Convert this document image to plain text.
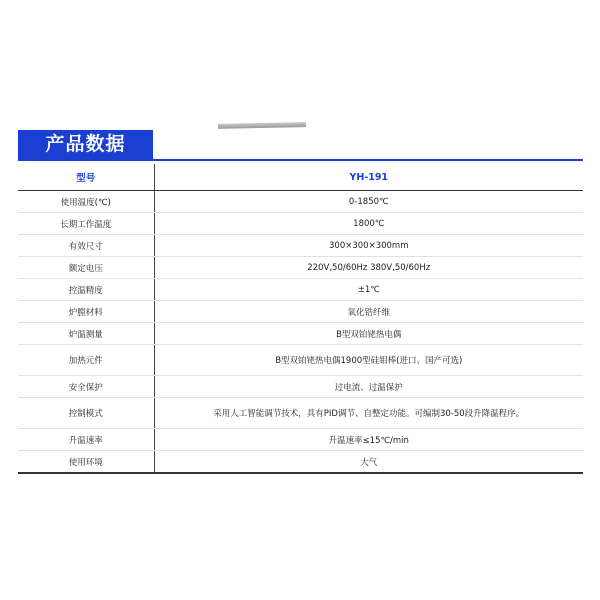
产品数据
型号	YH-191
使用温度(℃)	0-1850℃
长期工作温度	1800℃
有效尺寸	300×300×300mm
额定电压	220V,50/60Hz 380V,50/60Hz
控温精度	±1℃
炉膛材料	氧化锆纤维
炉温测量	B型双铂铑热电偶
加热元件	B型双铂铑热电偶1900型硅钼棒(进口、国产可选)
安全保护	过电流、过温保护
控制模式	采用人工智能调节技术，具有PID调节、自整定功能。可编制30-50段升降温程序。
升温速率	升温速率≤15℃/min
使用环境	大气
